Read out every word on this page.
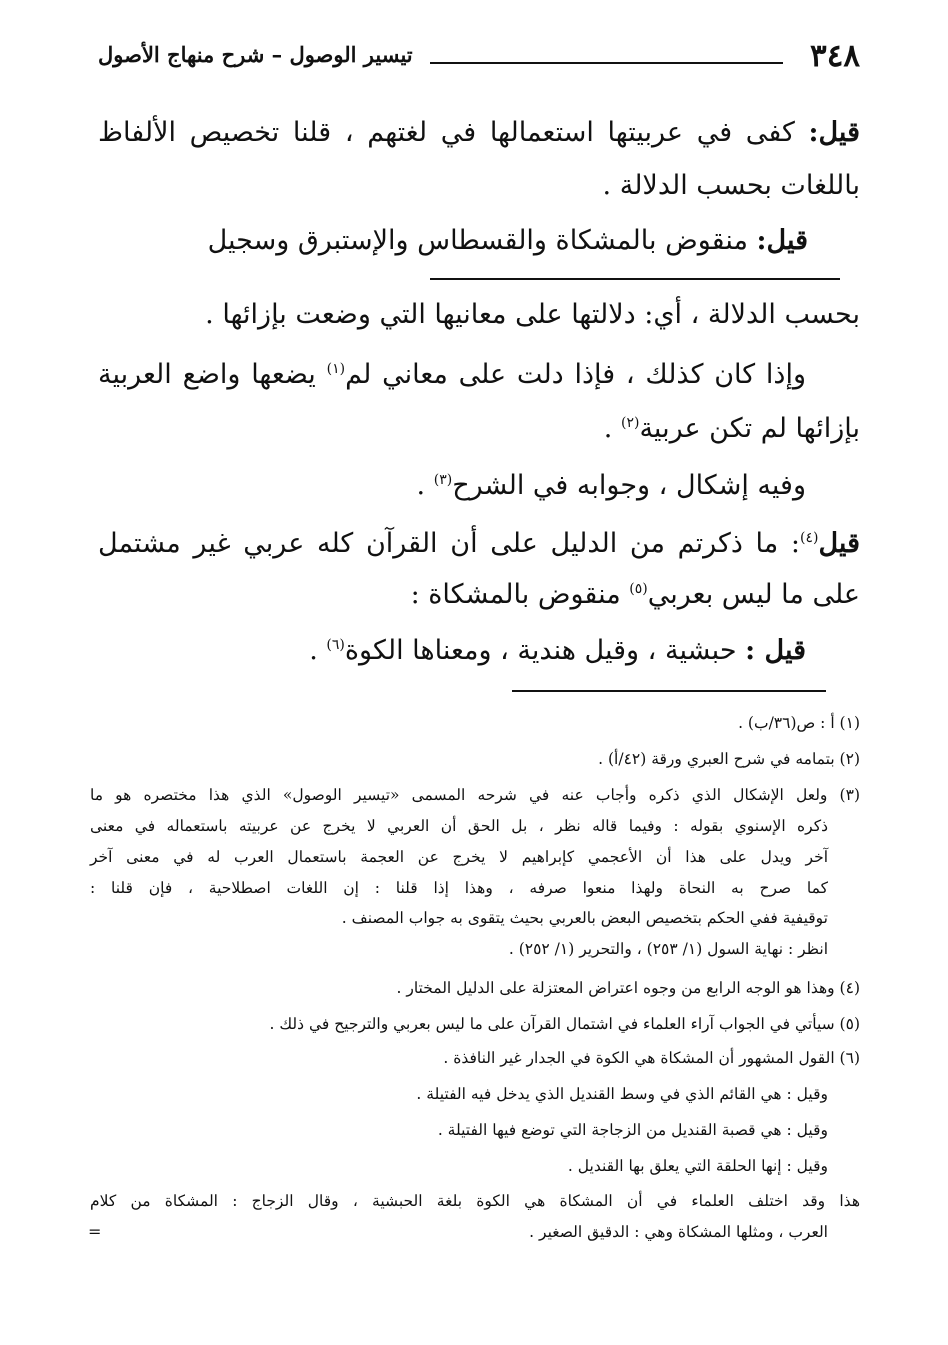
٣٤٨
تيسير الوصول – شرح منهاج الأصول
قيل: كفى في عربيتها استعمالها في لغتهم ، قلنا تخصيص الألفاظ
باللغات بحسب الدلالة .
قيل: منقوض بالمشكاة والقسطاس والإستبرق وسجيل
بحسب الدلالة ، أي: دلالتها على معانيها التي وضعت بإزائها .
وإذا كان كذلك ، فإذا دلت على معاني لم$^{(١)}$ يضعها واضع العربية
بإزائها لم تكن عربية$^{(٢)}$ .
وفيه إشكال ، وجوابه في الشرح$^{(٣)}$ .
قيل$^{(٤)}$: ما ذكرتم من الدليل على أن القرآن كله عربي غير مشتمل
على ما ليس بعربي$^{(٥)}$ منقوض بالمشكاة :
قيل : حبشية ، وقيل هندية ، ومعناها الكوة$^{(٦)}$ .
(١) أ : ص(٣٦/ب) .
(٢) بتمامه في شرح العبري ورقة (٤٢/أ) .
(٣) ولعل الإشكال الذي ذكره وأجاب عنه في شرحه المسمى «تيسير الوصول» الذي هذا مختصره هو ما
ذكره الإسنوي بقوله : وفيما قاله نظر ، بل الحق أن العربي لا يخرج عن عربيته باستعماله في معنى
آخر ويدل على هذا أن الأعجمي كإبراهيم لا يخرج عن العجمة باستعمال العرب له في معنى آخر
كما صرح به النحاة ولهذا منعوا صرفه ، وهذا إذا قلنا : إن اللغات اصطلاحية ، فإن قلنا :
توقيفية ففي الحكم بتخصيص البعض بالعربي بحيث يتقوى به جواب المصنف .
انظر : نهاية السول (١/ ٢٥٣) ، والتحرير (١/ ٢٥٢) .
(٤) وهذا هو الوجه الرابع من وجوه اعتراض المعتزلة على الدليل المختار .
(٥) سيأتي في الجواب آراء العلماء في اشتمال القرآن على ما ليس بعربي والترجيح في ذلك .
(٦) القول المشهور أن المشكاة هي الكوة في الجدار غير النافذة .
وقيل : هي القائم الذي في وسط القنديل الذي يدخل فيه الفتيلة .
وقيل : هي قصبة القنديل من الزجاجة التي توضع فيها الفتيلة .
وقيل : إنها الحلقة التي يعلق بها القنديل .
هذا وقد اختلف العلماء في أن المشكاة هي الكوة بلغة الحبشية ، وقال الزجاج : المشكاة من كلام
العرب ، ومثلها المشكاة وهي : الدقيق الصغير .
=
